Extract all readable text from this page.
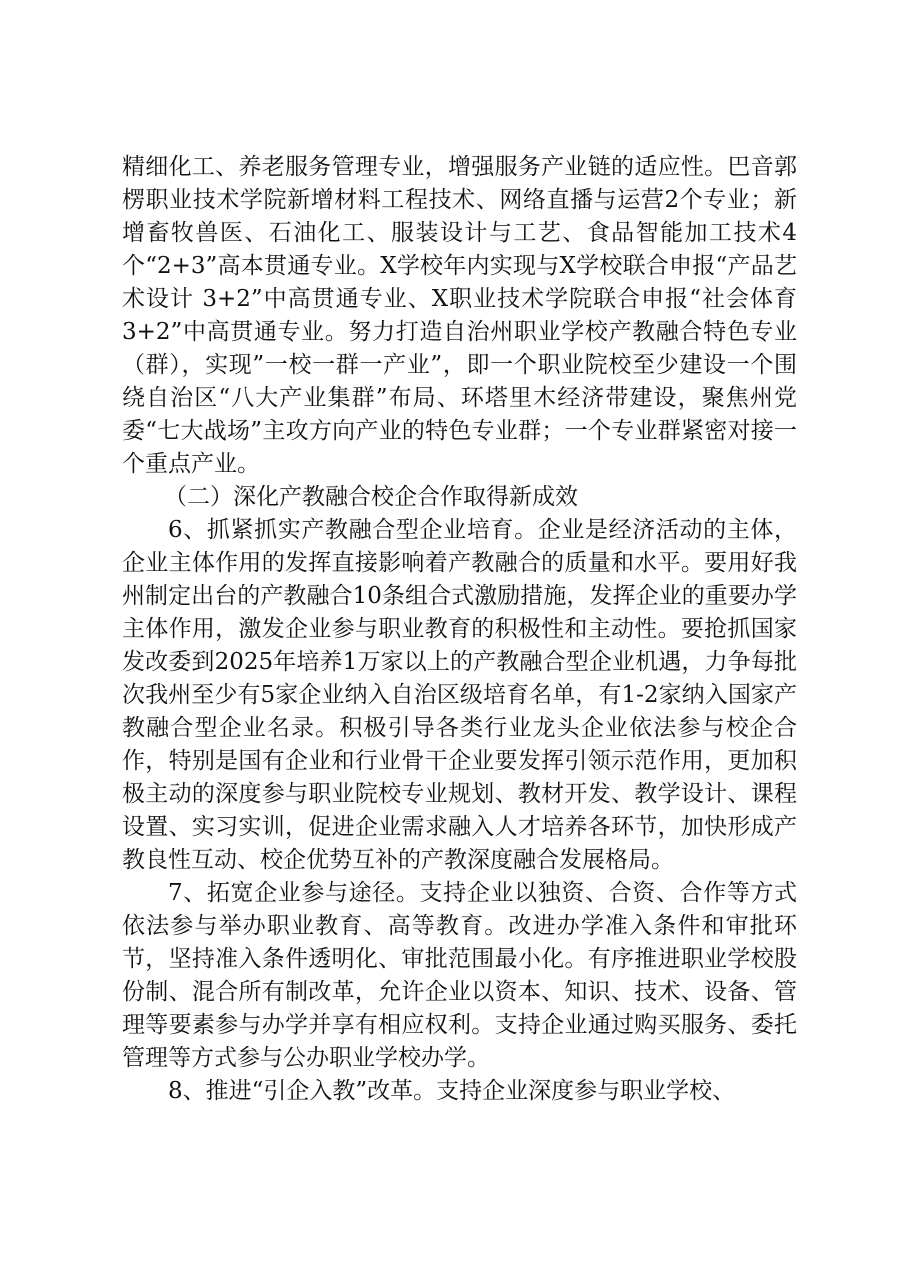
精细化工、养老服务管理专业，增强服务产业链的适应性。巴音郭楞职业技术学院新增材料工程技术、网络直播与运营2个专业；新增畜牧兽医、石油化工、服装设计与工艺、食品智能加工技术4个“2+3”高本贯通专业。X学校年内实现与X学校联合申报“产品艺术设计 3+2”中高贯通专业、X职业技术学院联合申报“社会体育 3+2”中高贯通专业。努力打造自治州职业学校产教融合特色专业（群），实现”一校一群一产业”，即一个职业院校至少建设一个围绕自治区“八大产业集群”布局、环塔里木经济带建设，聚焦州党委“七大战场”主攻方向产业的特色专业群；一个专业群紧密对接一个重点产业。

（二）深化产教融合校企合作取得新成效

6、抓紧抓实产教融合型企业培育。企业是经济活动的主体，企业主体作用的发挥直接影响着产教融合的质量和水平。要用好我州制定出台的产教融合10条组合式激励措施，发挥企业的重要办学主体作用，激发企业参与职业教育的积极性和主动性。要抢抓国家发改委到2025年培养1万家以上的产教融合型企业机遇，力争每批次我州至少有5家企业纳入自治区级培育名单，有1-2家纳入国家产教融合型企业名录。积极引导各类行业龙头企业依法参与校企合作，特别是国有企业和行业骨干企业要发挥引领示范作用，更加积极主动的深度参与职业院校专业规划、教材开发、教学设计、课程设置、实习实训，促进企业需求融入人才培养各环节，加快形成产教良性互动、校企优势互补的产教深度融合发展格局。

7、拓宽企业参与途径。支持企业以独资、合资、合作等方式依法参与举办职业教育、高等教育。改进办学准入条件和审批环节，坚持准入条件透明化、审批范围最小化。有序推进职业学校股份制、混合所有制改革，允许企业以资本、知识、技术、设备、管理等要素参与办学并享有相应权利。支持企业通过购买服务、委托管理等方式参与公办职业学校办学。

8、推进“引企入教”改革。支持企业深度参与职业学校、
